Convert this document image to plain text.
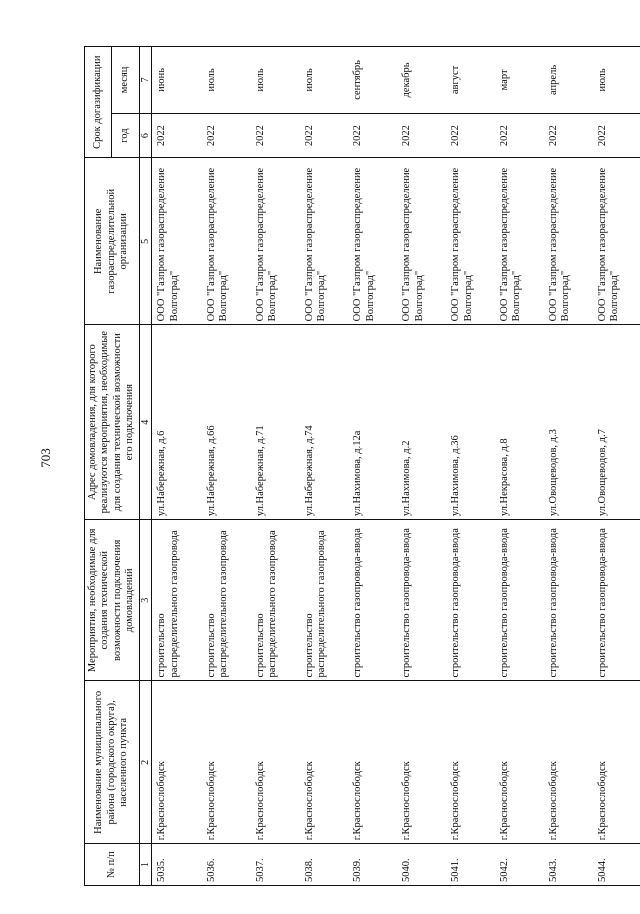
703
№ п/п	Наименование муниципального района (городского округа), населенного пункта	Мероприятия, необходимые для создания технической возможности подключения домовладений	Адрес домовладения, для которого реализуются мероприятия, необходимые для создания технической возможности его подключения	Наименование газораспределительной организации	Срок догазификации	
					год	месяц
1	2	3	4	5	6	7
5035.	г.Краснослободск	строительство распределительного газопровода	ул.Набережная, д.6	ООО "Газпром газораспределение Волгоград"	2022	июнь
5036.	г.Краснослободск	строительство распределительного газопровода	ул.Набережная, д.66	ООО "Газпром газораспределение Волгоград"	2022	июль
5037.	г.Краснослободск	строительство распределительного газопровода	ул.Набережная, д.71	ООО "Газпром газораспределение Волгоград"	2022	июль
5038.	г.Краснослободск	строительство распределительного газопровода	ул.Набережная, д.74	ООО "Газпром газораспределение Волгоград"	2022	июль
5039.	г.Краснослободск	строительство газопровода-ввода	ул.Нахимова, д.12а	ООО "Газпром газораспределение Волгоград"	2022	сентябрь
5040.	г.Краснослободск	строительство газопровода-ввода	ул.Нахимова, д.2	ООО "Газпром газораспределение Волгоград"	2022	декабрь
5041.	г.Краснослободск	строительство газопровода-ввода	ул.Нахимова, д.36	ООО "Газпром газораспределение Волгоград"	2022	август
5042.	г.Краснослободск	строительство газопровода-ввода	ул.Некрасова, д.8	ООО "Газпром газораспределение Волгоград"	2022	март
5043.	г.Краснослободск	строительство газопровода-ввода	ул.Овощеводов, д.3	ООО "Газпром газораспределение Волгоград"	2022	апрель
5044.	г.Краснослободск	строительство газопровода-ввода	ул.Овощеводов, д.7	ООО "Газпром газораспределение Волгоград"	2022	июль
